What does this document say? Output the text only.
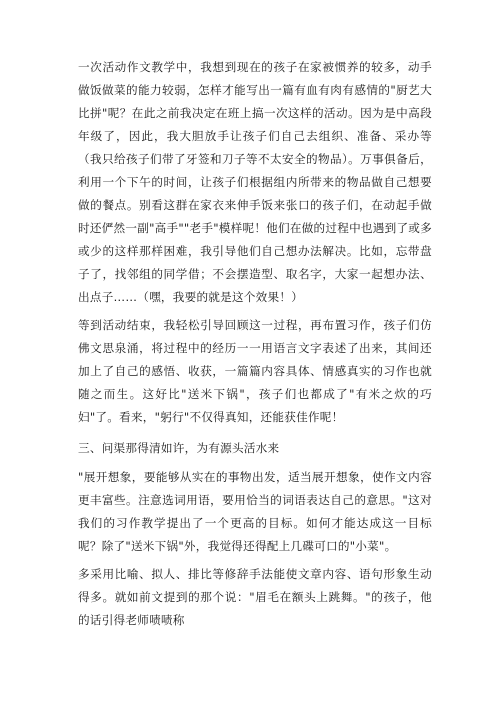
一次活动作文教学中，我想到现在的孩子在家被惯养的较多，动手做饭做菜的能力较弱，怎样才能写出一篇有血有肉有感情的"厨艺大比拼"呢？在此之前我决定在班上搞一次这样的活动。因为是中高段年级了，因此，我大胆放手让孩子们自己去组织、准备、采办等（我只给孩子们带了牙签和刀子等不太安全的物品）。万事俱备后，利用一个下午的时间，让孩子们根据组内所带来的物品做自己想要做的餐点。别看这群在家衣来伸手饭来张口的孩子们，在动起手做时还俨然一副"高手""老手"模样呢！他们在做的过程中也遇到了或多或少的这样那样困难，我引导他们自己想办法解决。比如，忘带盘子了，找邻组的同学借；不会摆造型、取名字，大家一起想办法、出点子……（嘿，我要的就是这个效果！）

等到活动结束，我轻松引导回顾这一过程，再布置习作，孩子们仿佛文思泉涌，将过程中的经历一一用语言文字表述了出来，其间还加上了自己的感悟、收获，一篇篇内容具体、情感真实的习作也就随之而生。这好比"送米下锅"，孩子们也都成了"有米之炊的巧妇"了。看来，"躬行"不仅得真知，还能获佳作呢！

三、问渠那得清如许，为有源头活水来

"展开想象，要能够从实在的事物出发，适当展开想象，使作文内容更丰富些。注意选词用语，要用恰当的词语表达自己的意思。"这对我们的习作教学提出了一个更高的目标。如何才能达成这一目标呢？除了"送米下锅"外，我觉得还得配上几碟可口的"小菜"。

多采用比喻、拟人、排比等修辞手法能使文章内容、语句形象生动得多。就如前文提到的那个说："眉毛在额头上跳舞。"的孩子，他的话引得老师啧啧称
